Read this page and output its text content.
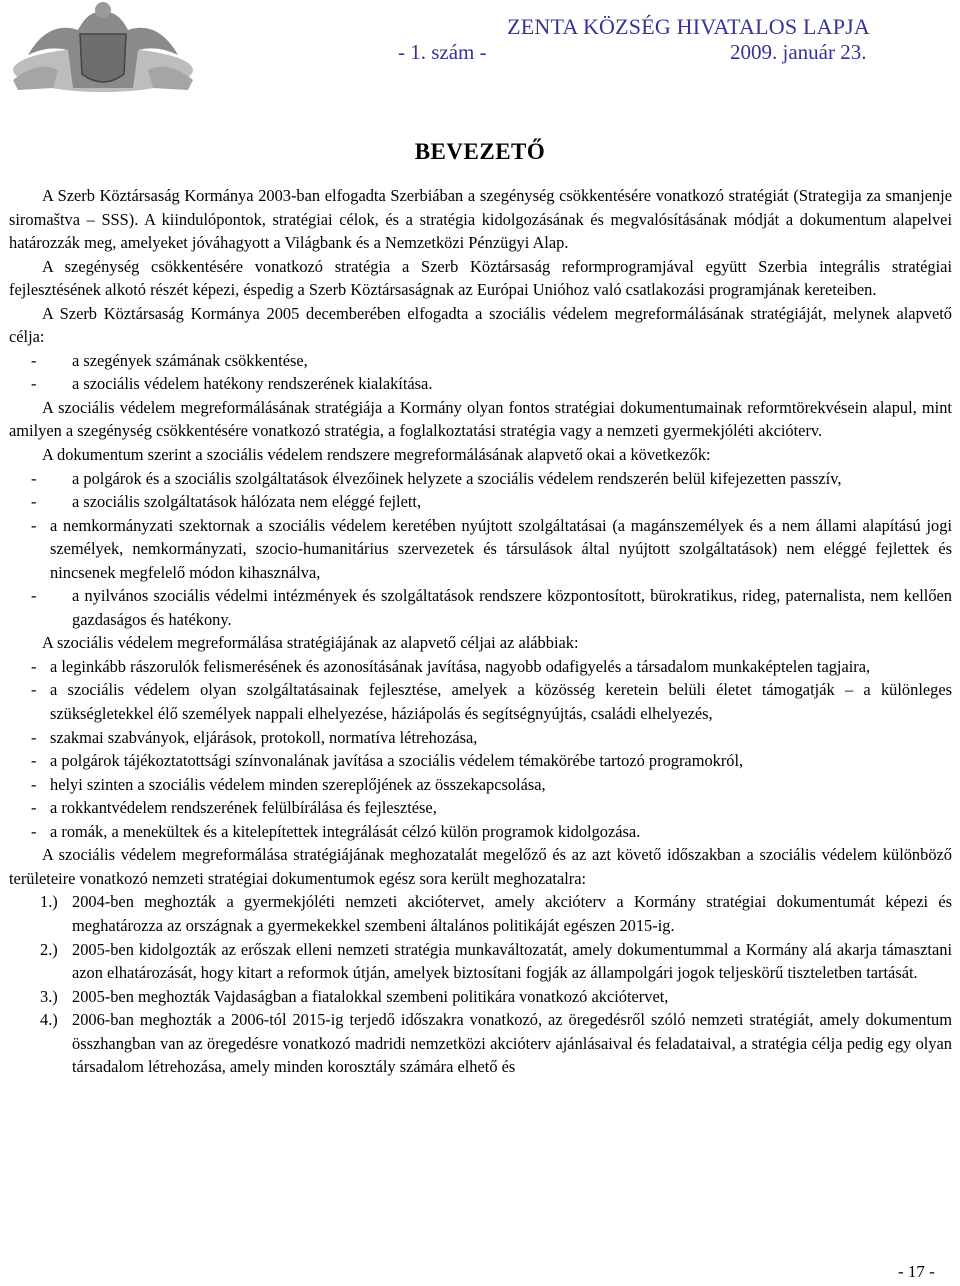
ZENTA KÖZSÉG HIVATALOS LAPJA
- 1. szám -	2009. január 23.
BEVEZETŐ

A Szerb Köztársaság Kormánya 2003-ban elfogadta Szerbiában a szegénység csökkentésére vonatkozó stratégiát (Strategija za smanjenje siromaštva – SSS). A kiindulópontok, stratégiai célok, és a stratégia kidolgozásának és megvalósításának módját a dokumentum alapelvei határozzák meg, amelyeket jóváhagyott a Világbank és a Nemzetközi Pénzügyi Alap.

A szegénység csökkentésére vonatkozó stratégia a Szerb Köztársaság reformprogramjával együtt Szerbia integrális stratégiai fejlesztésének alkotó részét képezi, éspedig a Szerb Köztársaságnak az Európai Unióhoz való csatlakozási programjának kereteiben.

A Szerb Köztársaság Kormánya 2005 decemberében elfogadta a szociális védelem megreformálásának stratégiáját, melynek alapvető célja:

- a szegények számának csökkentése,

- a szociális védelem hatékony rendszerének kialakítása.

A szociális védelem megreformálásának stratégiája a Kormány olyan fontos stratégiai dokumentumainak reformtörekvésein alapul, mint amilyen a szegénység csökkentésére vonatkozó stratégia, a foglalkoztatási stratégia vagy a nemzeti gyermekjóléti akcióterv.

A dokumentum szerint a szociális védelem rendszere megreformálásának alapvető okai a következők:

- a polgárok és a szociális szolgáltatások élvezőinek helyzete a szociális védelem rendszerén belül kifejezetten passzív,

- a szociális szolgáltatások hálózata nem eléggé fejlett,

- a nemkormányzati szektornak a szociális védelem keretében nyújtott szolgáltatásai (a magánszemélyek és a nem állami alapítású jogi személyek, nemkormányzati, szocio-humanitárius szervezetek és társulások által nyújtott szolgáltatások) nem eléggé fejlettek és nincsenek megfelelő módon kihasználva,

- a nyilvános szociális védelmi intézmények és szolgáltatások rendszere központosított, bürokratikus, rideg, paternalista, nem kellően gazdaságos és hatékony.

A szociális védelem megreformálása stratégiájának az alapvető céljai az alábbiak:

- a leginkább rászorulók felismerésének és azonosításának javítása, nagyobb odafigyelés a társadalom munkaképtelen tagjaira,

- a szociális védelem olyan szolgáltatásainak fejlesztése, amelyek a közösség keretein belüli életet támogatják – a különleges szükségletekkel élő személyek nappali elhelyezése, háziápolás és segítségnyújtás, családi elhelyezés,

- szakmai szabványok, eljárások, protokoll, normatíva létrehozása,

- a polgárok tájékoztatottsági színvonalának javítása a szociális védelem témakörébe tartozó programokról,

- helyi szinten a szociális védelem minden szereplőjének az összekapcsolása,

- a rokkantvédelem rendszerének felülbírálása és fejlesztése,

- a romák, a menekültek és a kitelepítettek integrálását célzó külön programok kidolgozása.

A szociális védelem megreformálása stratégiájának meghozatalát megelőző és az azt követő időszakban a szociális védelem különböző területeire vonatkozó nemzeti stratégiai dokumentumok egész sora került meghozatalra:

1.) 2004-ben meghozták a gyermekjóléti nemzeti akciótervet, amely akcióterv a Kormány stratégiai dokumentumát képezi és meghatározza az országnak a gyermekekkel szembeni általános politikáját egészen 2015-ig.

2.) 2005-ben kidolgozták az erőszak elleni nemzeti stratégia munkaváltozatát, amely dokumentummal a Kormány alá akarja támasztani azon elhatározását, hogy kitart a reformok útján, amelyek biztosítani fogják az állampolgári jogok teljeskörű tiszteletben tartását.

3.) 2005-ben meghozták Vajdaságban a fiatalokkal szembeni politikára vonatkozó akciótervet,

4.) 2006-ban meghozták a 2006-tól 2015-ig terjedő időszakra vonatkozó, az öregedésről szóló nemzeti stratégiát, amely dokumentum összhangban van az öregedésre vonatkozó madridi nemzetközi akcióterv ajánlásaival és feladataival, a stratégia célja pedig egy olyan társadalom létrehozása, amely minden korosztály számára elhető és

- 17 -
